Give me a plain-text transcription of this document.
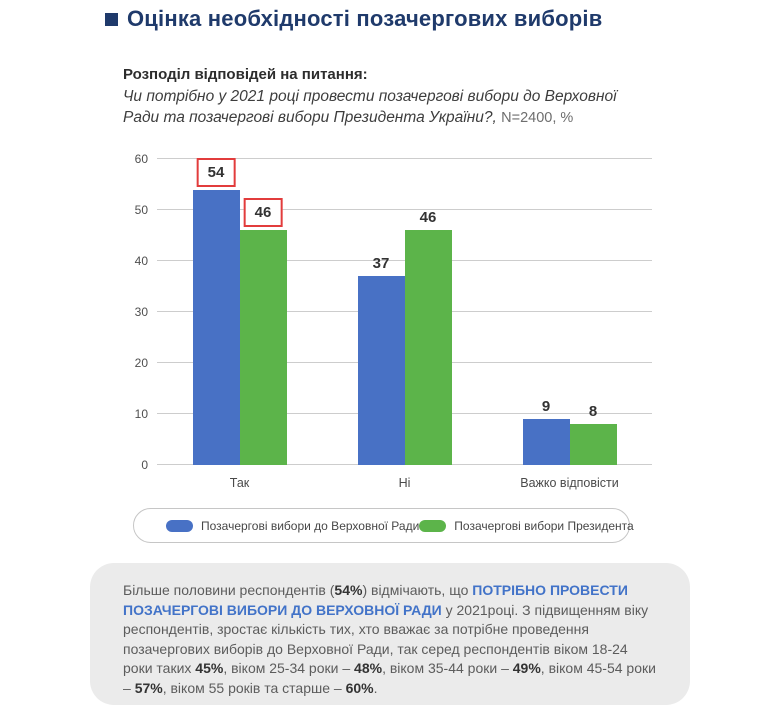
Оцінка необхідності позачергових виборів
Розподіл відповідей на питання:
Чи потрібно у 2021 році провести позачергові вибори до Верховної
Ради та позачергові вибори Президента України?, N=2400, %
0
10
20
30
40
50
60
54
46
Так
37
46
Ні
9	8
Важко відповісти
Позачергові вибори до Верховної Ради	Позачергові вибори Президента

Більше половини респондентів (54%) відмічають, що ПОТРІБНО ПРОВЕСТИ ПОЗАЧЕРГОВІ ВИБОРИ ДО ВЕРХОВНОЇ РАДИ у 2021році. З підвищенням віку респондентів, зростає кількість тих, хто вважає за потрібне проведення позачергових виборів до Верховної Ради, так серед респондентів віком 18-24 роки таких 45%, віком 25-34 роки – 48%, віком 35-44 роки – 49%, віком 45-54 роки – 57%, віком 55 років та старше – 60%.
